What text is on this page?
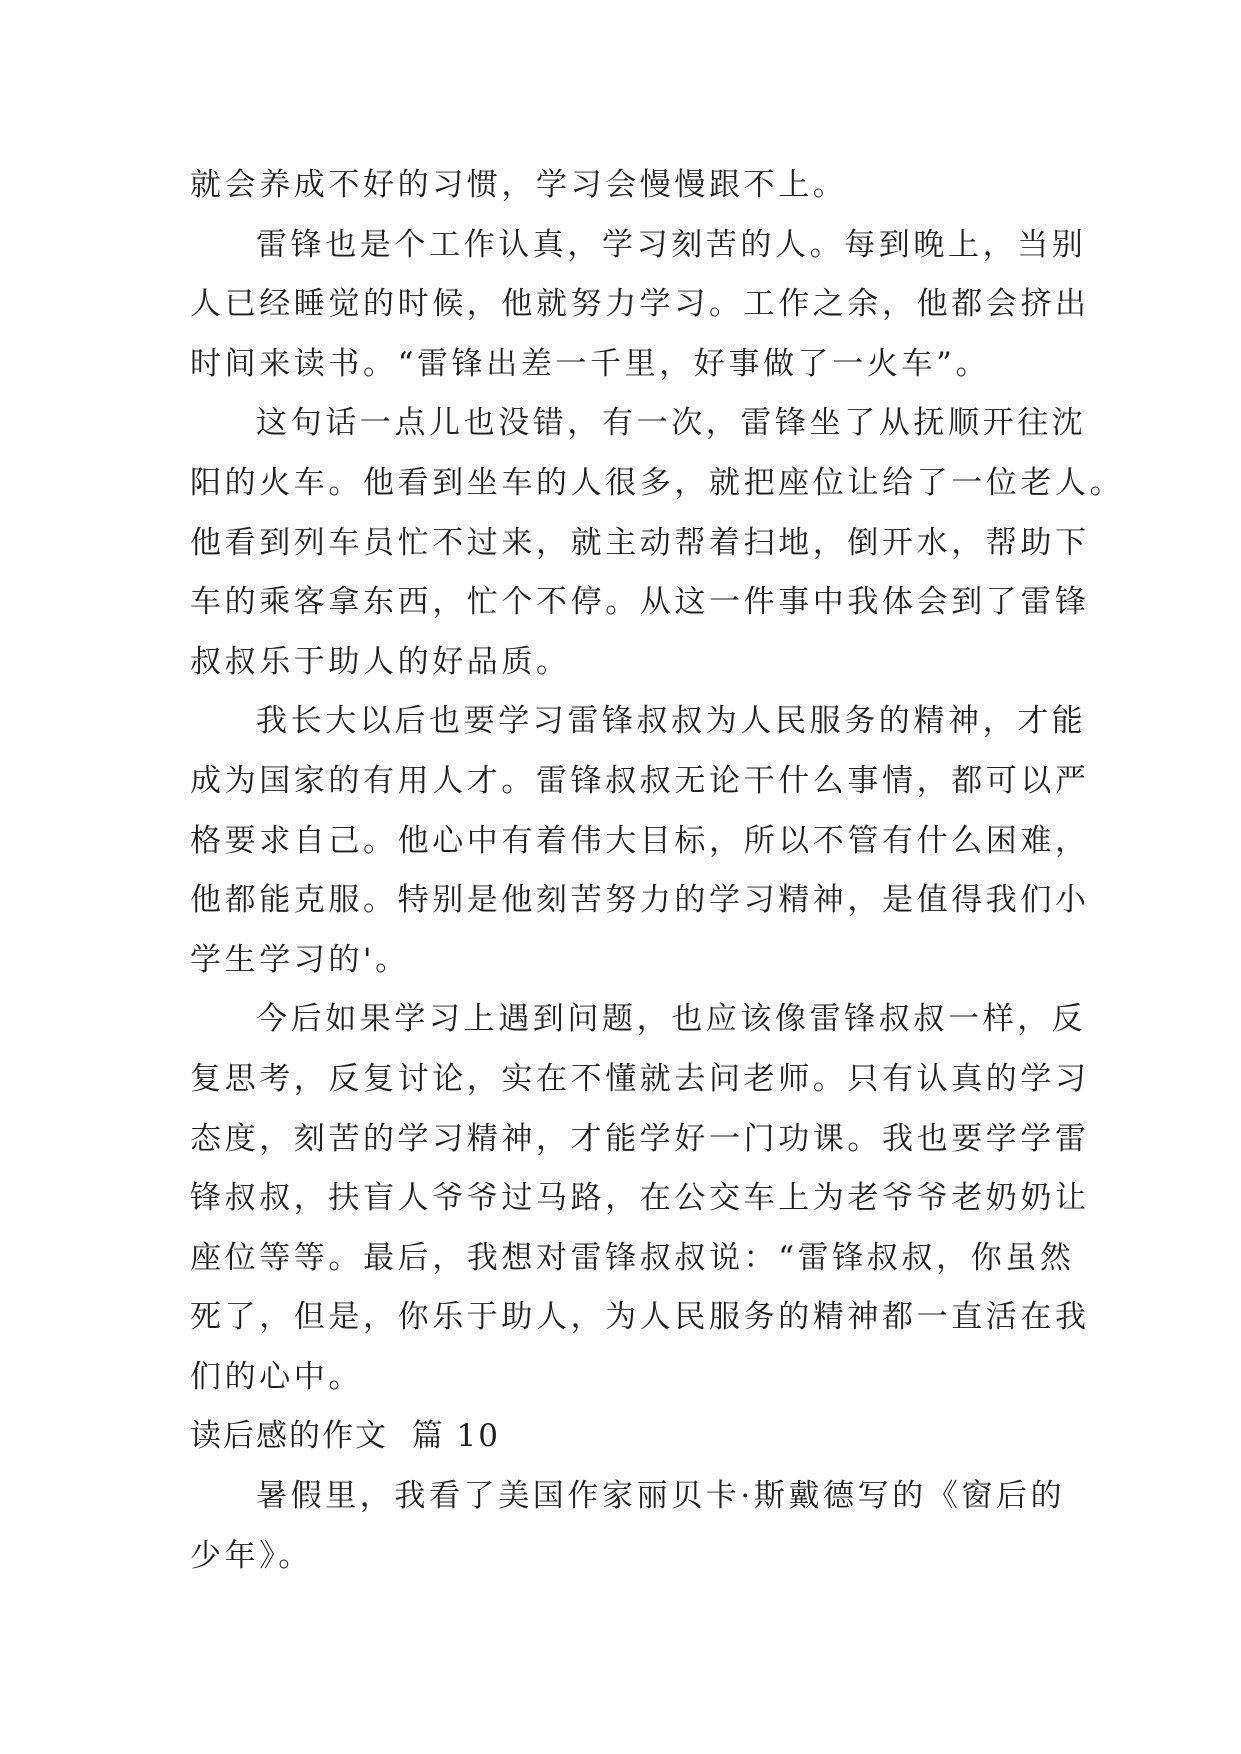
就会养成不好的习惯，学习会慢慢跟不上。
雷锋也是个工作认真，学习刻苦的人。每到晚上，当别
人已经睡觉的时候，他就努力学习。工作之余，他都会挤出
时间来读书。“雷锋出差一千里，好事做了一火车”。
这句话一点儿也没错，有一次，雷锋坐了从抚顺开往沈
阳的火车。他看到坐车的人很多，就把座位让给了一位老人。
他看到列车员忙不过来，就主动帮着扫地，倒开水，帮助下
车的乘客拿东西，忙个不停。从这一件事中我体会到了雷锋
叔叔乐于助人的好品质。
我长大以后也要学习雷锋叔叔为人民服务的精神，才能
成为国家的有用人才。雷锋叔叔无论干什么事情，都可以严
格要求自己。他心中有着伟大目标，所以不管有什么困难，
他都能克服。特别是他刻苦努力的学习精神，是值得我们小
学生学习的'。
今后如果学习上遇到问题，也应该像雷锋叔叔一样，反
复思考，反复讨论，实在不懂就去问老师。只有认真的学习
态度，刻苦的学习精神，才能学好一门功课。我也要学学雷
锋叔叔，扶盲人爷爷过马路，在公交车上为老爷爷老奶奶让
座位等等。最后，我想对雷锋叔叔说：“雷锋叔叔，你虽然
死了，但是，你乐于助人，为人民服务的精神都一直活在我
们的心中。
读后感的作文  篇 10
暑假里，我看了美国作家丽贝卡·斯戴德写的《窗后的
少年》。
